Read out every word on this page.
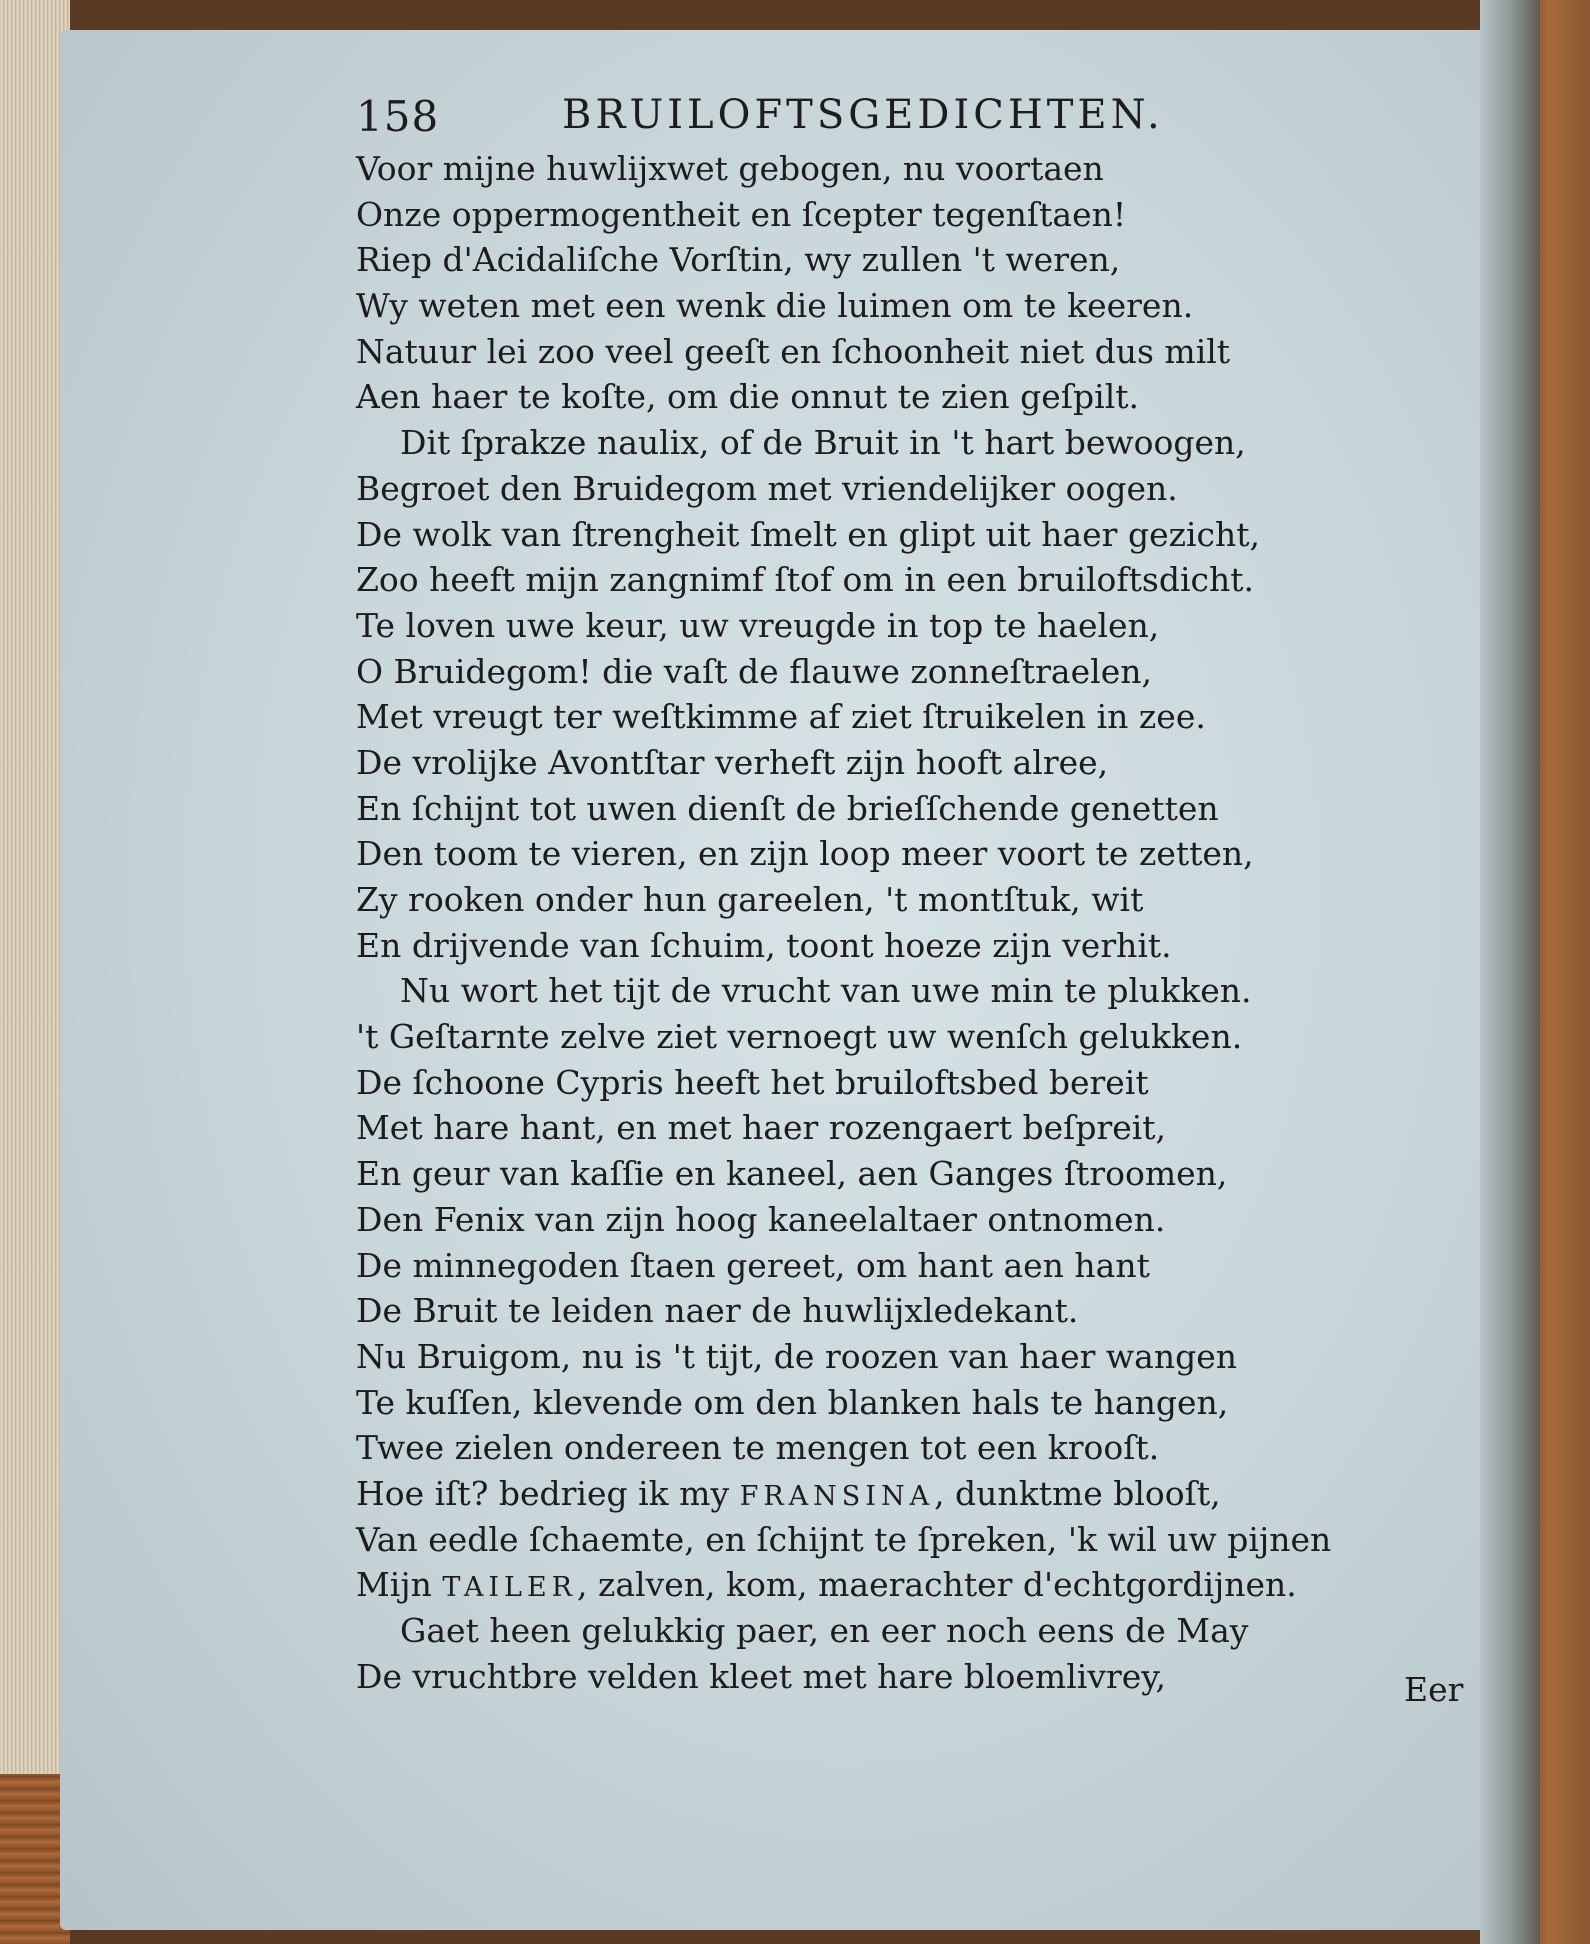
158	BRUILOFTSGEDICHTEN.
Voor mijne huwlijxwet gebogen, nu voortaen
Onze oppermogentheit en ſcepter tegenſtaen!
Riep d'Acidaliſche Vorſtin, wy zullen 't weren,
Wy weten met een wenk die luimen om te keeren.
Natuur lei zoo veel geeſt en ſchoonheit niet dus milt
Aen haer te koſte, om die onnut te zien geſpilt.
Dit ſprakze naulix, of de Bruit in 't hart bewoogen,
Begroet den Bruidegom met vriendelijker oogen.
De wolk van ſtrengheit ſmelt en glipt uit haer gezicht,
Zoo heeft mijn zangnimf ſtof om in een bruiloftsdicht.
Te loven uwe keur, uw vreugde in top te haelen,
O Bruidegom! die vaſt de flauwe zonneſtraelen,
Met vreugt ter weſtkimme af ziet ſtruikelen in zee.
De vrolijke Avontſtar verheft zijn hooft alree,
En ſchijnt tot uwen dienſt de brieſſchende genetten
Den toom te vieren, en zijn loop meer voort te zetten,
Zy rooken onder hun gareelen, 't montſtuk, wit
En drijvende van ſchuim, toont hoeze zijn verhit.
Nu wort het tijt de vrucht van uwe min te plukken.
't Geſtarnte zelve ziet vernoegt uw wenſch gelukken.
De ſchoone Cypris heeft het bruiloftsbed bereit
Met hare hant, en met haer rozengaert beſpreit,
En geur van kaſſie en kaneel, aen Ganges ſtroomen,
Den Fenix van zijn hoog kaneelaltaer ontnomen.
De minnegoden ſtaen gereet, om hant aen hant
De Bruit te leiden naer de huwlijxledekant.
Nu Bruigom, nu is 't tijt, de roozen van haer wangen
Te kuſſen, klevende om den blanken hals te hangen,
Twee zielen ondereen te mengen tot een krooſt.
Hoe iſt? bedrieg ik my FRANSINA, dunktme blooſt,
Van eedle ſchaemte, en ſchijnt te ſpreken, 'k wil uw pijnen
Mijn TAILER, zalven, kom, maerachter d'echtgordijnen.
Gaet heen gelukkig paer, en eer noch eens de May
De vruchtbre velden kleet met hare bloemlivrey,	Eer
